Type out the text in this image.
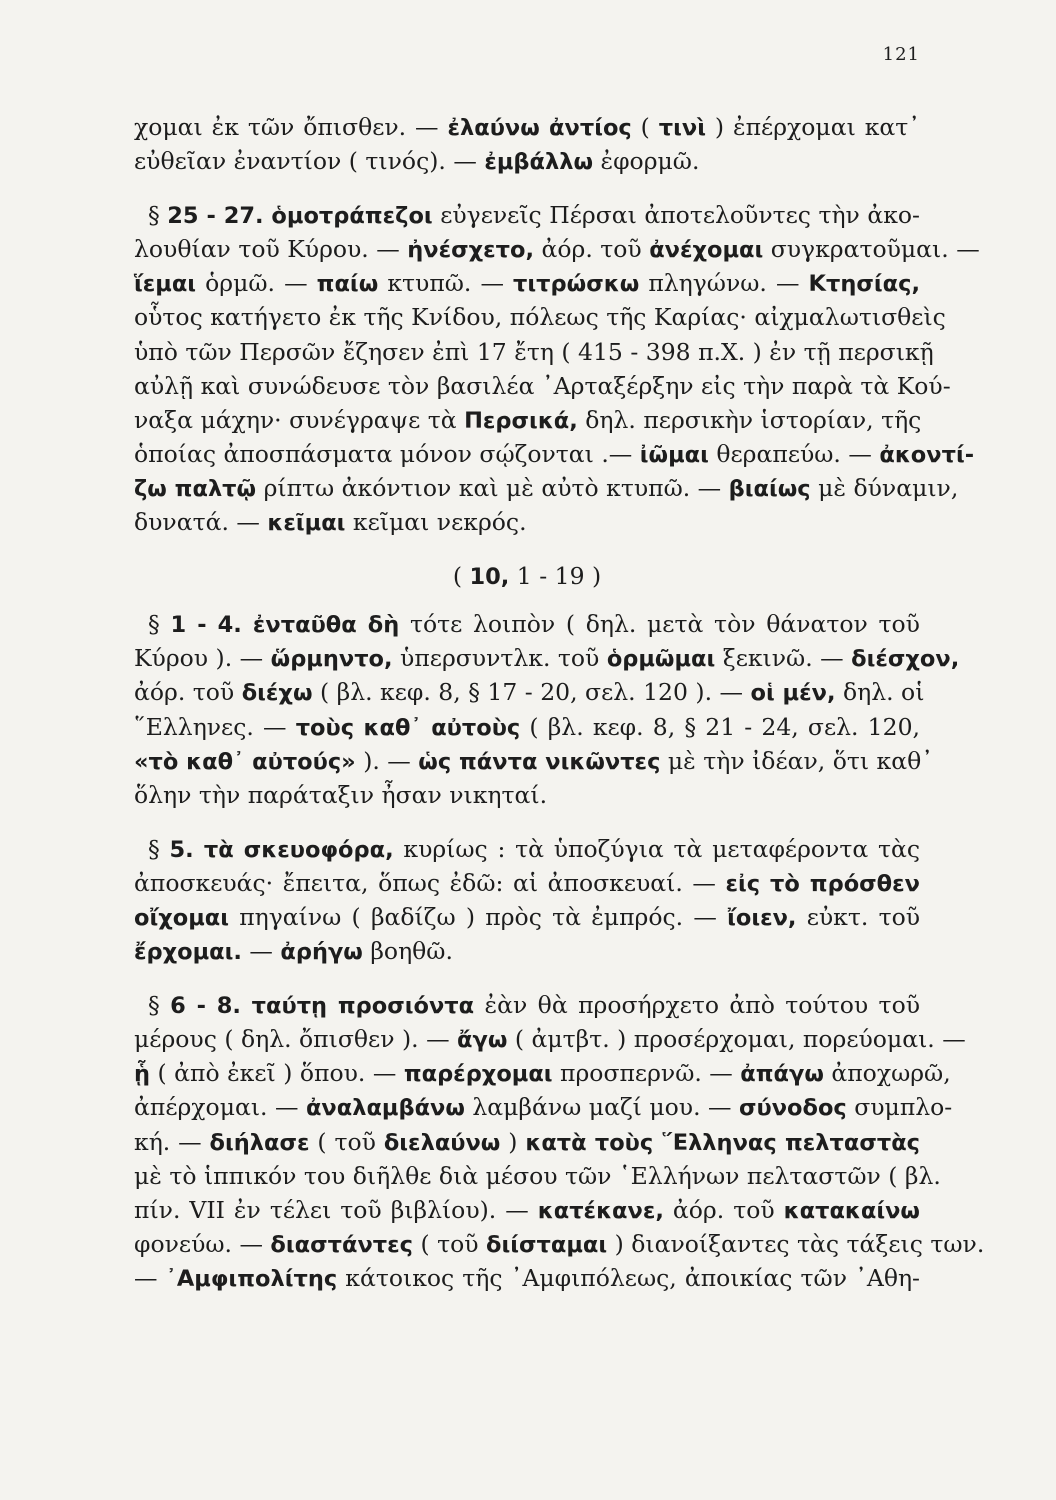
121
χομαι ἐκ τῶν ὄπισθεν. — ἐλαύνω ἀντίος ( τινὶ ) ἐπέρχομαι κατ᾽
εὐθεῖαν ἐναντίον ( τινός). — ἐμβάλλω ἐφορμῶ.
§ 25 - 27. ὁμοτράπεζοι εὐγενεῖς Πέρσαι ἀποτελοῦντες τὴν ἀκο-
λουθίαν τοῦ Κύρου. — ἠνέσχετο, ἀόρ. τοῦ ἀνέχομαι συγκρατοῦμαι. —
ἵεμαι ὁρμῶ. — παίω κτυπῶ. — τιτρώσκω πληγώνω. — Κτησίας,
οὗτος κατήγετο ἐκ τῆς Κνίδου, πόλεως τῆς Καρίας· αἰχμαλωτισθεὶς
ὑπὸ τῶν Περσῶν ἔζησεν ἐπὶ 17 ἔτη ( 415 - 398 π.Χ. ) ἐν τῇ περσικῇ
αὐλῇ καὶ συνώδευσε τὸν βασιλέα ᾿Αρταξέρξην εἰς τὴν παρὰ τὰ Κού-
ναξα μάχην· συνέγραψε τὰ Περσικά, δηλ. περσικὴν ἱστορίαν, τῆς
ὁποίας ἀποσπάσματα μόνον σῴζονται .— ἰῶμαι θεραπεύω. — ἀκοντί-
ζω παλτῷ ρίπτω ἀκόντιον καὶ μὲ αὐτὸ κτυπῶ. — βιαίως μὲ δύναμιν,
δυνατά. — κεῖμαι κεῖμαι νεκρός.
( 10, 1 - 19 )
§ 1 - 4. ἐνταῦθα δὴ τότε λοιπὸν ( δηλ. μετὰ τὸν θάνατον τοῦ
Κύρου ). — ὥρμηντο, ὑπερσυντλκ. τοῦ ὁρμῶμαι ξεκινῶ. — διέσχον,
ἀόρ. τοῦ διέχω ( βλ. κεφ. 8, § 17 - 20, σελ. 120 ). — οἱ μέν, δηλ. οἱ
῞Ελληνες. — τοὺς καθ᾽ αὐτοὺς ( βλ. κεφ. 8, § 21 - 24, σελ. 120,
«τὸ καθ᾽ αὐτούς» ). — ὡς πάντα νικῶντες μὲ τὴν ἰδέαν, ὅτι καθ᾽
ὅλην τὴν παράταξιν ἦσαν νικηταί.
§ 5. τὰ σκευοφόρα, κυρίως : τὰ ὑποζύγια τὰ μεταφέροντα τὰς
ἀποσκευάς· ἔπειτα, ὅπως ἐδῶ: αἱ ἀποσκευαί. — εἰς τὸ πρόσθεν
οἴχομαι πηγαίνω ( βαδίζω ) πρὸς τὰ ἐμπρός. — ἴοιεν, εὐκτ. τοῦ
ἔρχομαι. — ἀρήγω βοηθῶ.
§ 6 - 8. ταύτῃ προσιόντα ἐὰν θὰ προσήρχετο ἀπὸ τούτου τοῦ
μέρους ( δηλ. ὄπισθεν ). — ἄγω ( ἀμτβτ. ) προσέρχομαι, πορεύομαι. —
ᾗ ( ἀπὸ ἐκεῖ ) ὅπου. — παρέρχομαι προσπερνῶ. — ἀπάγω ἀποχωρῶ,
ἀπέρχομαι. — ἀναλαμβάνω λαμβάνω μαζί μου. — σύνοδος συμπλο-
κή. — διήλασε ( τοῦ διελαύνω ) κατὰ τοὺς ῞Ελληνας πελταστὰς
μὲ τὸ ἱππικόν του διῆλθε διὰ μέσου τῶν ῾Ελλήνων πελταστῶν ( βλ.
πίν. VII ἐν τέλει τοῦ βιβλίου). — κατέκανε, ἀόρ. τοῦ κατακαίνω
φονεύω. — διαστάντες ( τοῦ διίσταμαι ) διανοίξαντες τὰς τάξεις των.
— ᾿Αμφιπολίτης κάτοικος τῆς ᾿Αμφιπόλεως, ἀποικίας τῶν ᾿Αθη-
